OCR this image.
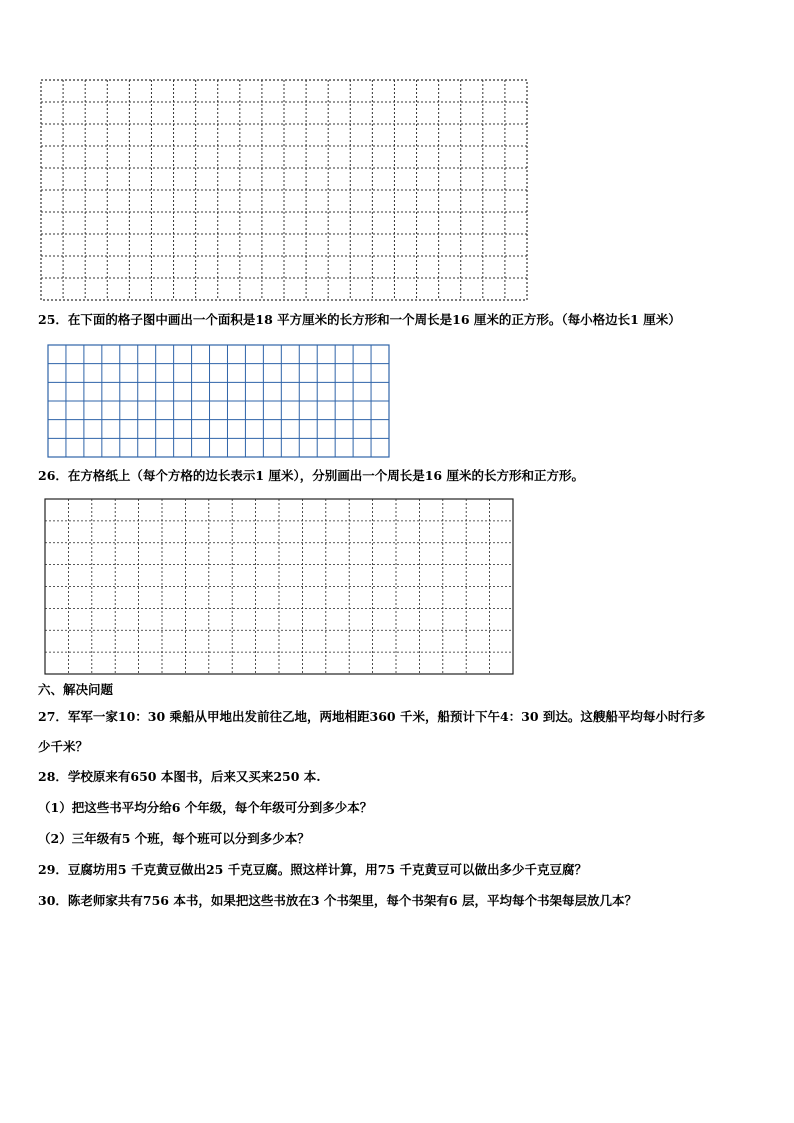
25．在下面的格子图中画出一个面积是18 平方厘米的长方形和一个周长是16 厘米的正方形。（每小格边长1 厘米）
26．在方格纸上（每个方格的边长表示1 厘米），分别画出一个周长是16 厘米的长方形和正方形。
六、解决问题
27．军军一家10：30 乘船从甲地出发前往乙地，两地相距360 千米，船预计下午4：30 到达。这艘船平均每小时行多
少千米？
28．学校原来有650 本图书，后来又买来250 本.
（1）把这些书平均分给6 个年级，每个年级可分到多少本？
（2）三年级有5 个班，每个班可以分到多少本？
29．豆腐坊用5 千克黄豆做出25 千克豆腐。照这样计算，用75 千克黄豆可以做出多少千克豆腐？
30．陈老师家共有756 本书，如果把这些书放在3 个书架里，每个书架有6 层，平均每个书架每层放几本？
